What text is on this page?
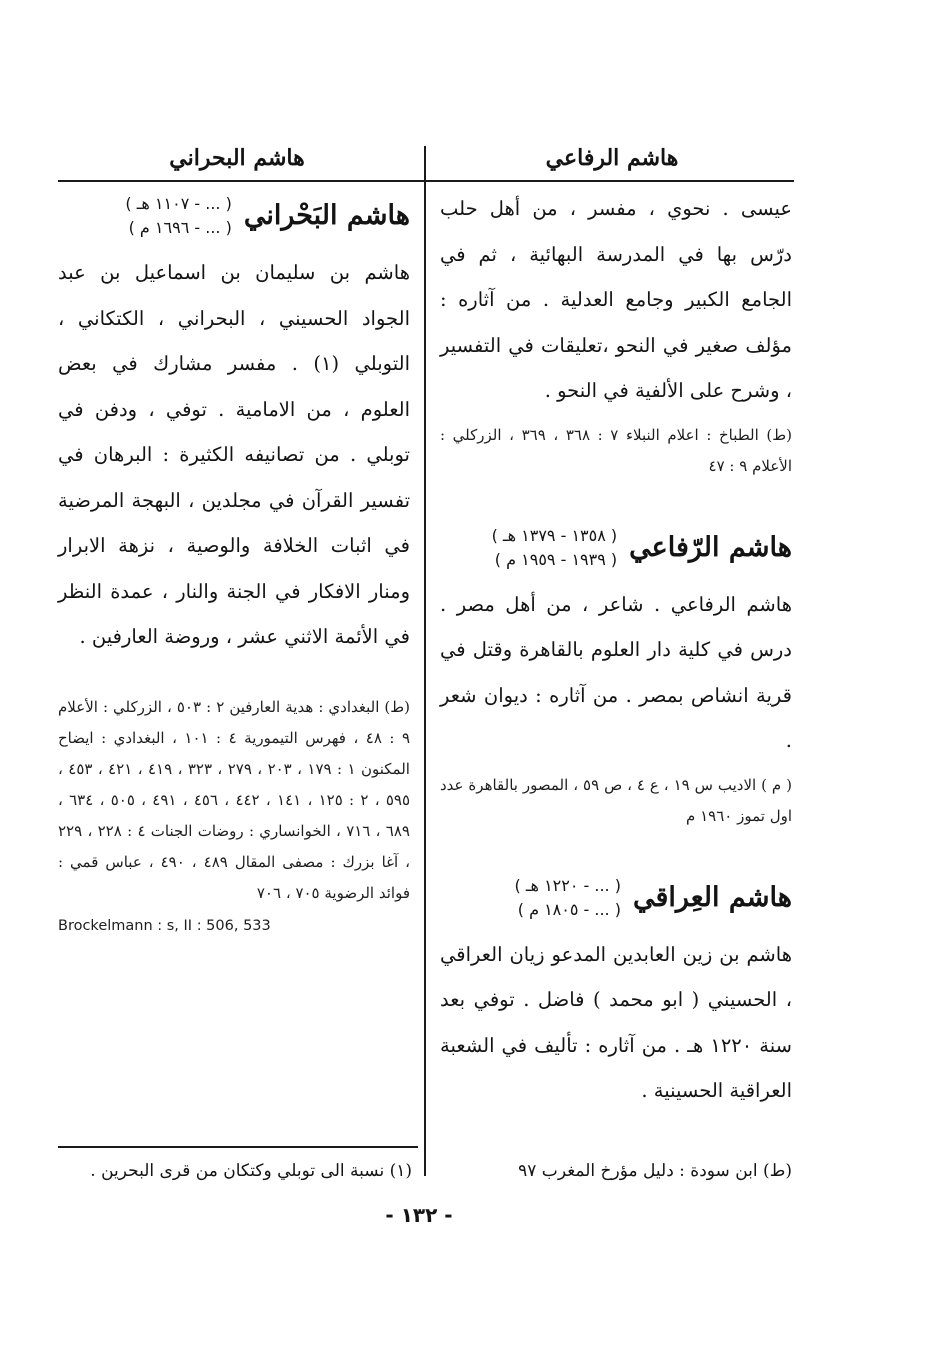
هاشم الرفاعي
هاشم البحراني

عيسى . نحوي ، مفسر ، من أهل حلب درّس بها في المدرسة البهائية ، ثم في الجامع الكبير وجامع العدلية . من آثاره : مؤلف صغير في النحو ،تعليقات في التفسير ، وشرح على الألفية في النحو .

(ط) الطباخ : اعلام النبلاء ٧ : ٣٦٨ ، ٣٦٩ ، الزركلي : الأعلام ٩ : ٤٧
هاشم الرّفاعي
( ١٣٥٨ - ١٣٧٩ هـ )
( ١٩٣٩ - ١٩٥٩ م )

هاشم الرفاعي . شاعر ، من أهل مصر . درس في كلية دار العلوم بالقاهرة وقتل في قرية انشاص بمصر . من آثاره : ديوان شعر .

( م ) الاديب س ١٩ ، ع ٤ ، ص ٥٩ ، المصور بالقاهرة عدد اول تموز ١٩٦٠ م
هاشم العِراقي
( ... - ١٢٢٠ هـ )
( ... - ١٨٠٥ م )

هاشم بن زين العابدين المدعو زيان العراقي ، الحسيني ( ابو محمد ) فاضل . توفي بعد سنة ١٢٢٠ هـ . من آثاره : تأليف في الشعبة العراقية الحسينية .

(ط) ابن سودة : دليل مؤرخ المغرب ٩٧
هاشم البَحْراني
( ... - ١١٠٧ هـ )
( ... - ١٦٩٦ م )

هاشم بن سليمان بن اسماعيل بن عبد الجواد الحسيني ، البحراني ، الكتكاني ، التوبلي (١) . مفسر مشارك في بعض العلوم ، من الامامية . توفي ، ودفن في توبلي . من تصانيفه الكثيرة : البرهان في تفسير القرآن في مجلدين ، البهجة المرضية في اثبات الخلافة والوصية ، نزهة الابرار ومنار الافكار في الجنة والنار ، عمدة النظر في الأئمة الاثني عشر ، وروضة العارفين .

(ط) البغدادي : هدية العارفين ٢ : ٥٠٣ ، الزركلي : الأعلام ٩ : ٤٨ ، فهرس التيمورية ٤ : ١٠١ ، البغدادي : ايضاح المكنون ١ : ١٧٩ ، ٢٠٣ ، ٢٧٩ ، ٣٢٣ ، ٤١٩ ، ٤٢١ ، ٤٥٣ ، ٥٩٥ ، ٢ : ١٢٥ ، ١٤١ ، ٤٤٢ ، ٤٥٦ ، ٤٩١ ، ٥٠٥ ، ٦٣٤ ، ٦٨٩ ، ٧١٦ ، الخوانساري : روضات الجنات ٤ : ٢٢٨ ، ٢٢٩ ، آغا بزرك : مصفى المقال ٤٨٩ ، ٤٩٠ ، عباس قمي : فوائد الرضوية ٧٠٥ ، ٧٠٦
Brockelmann : s, II : 506, 533
(١) نسبة الى توبلي وكتكان من قرى البحرين .
- ١٣٢ -
